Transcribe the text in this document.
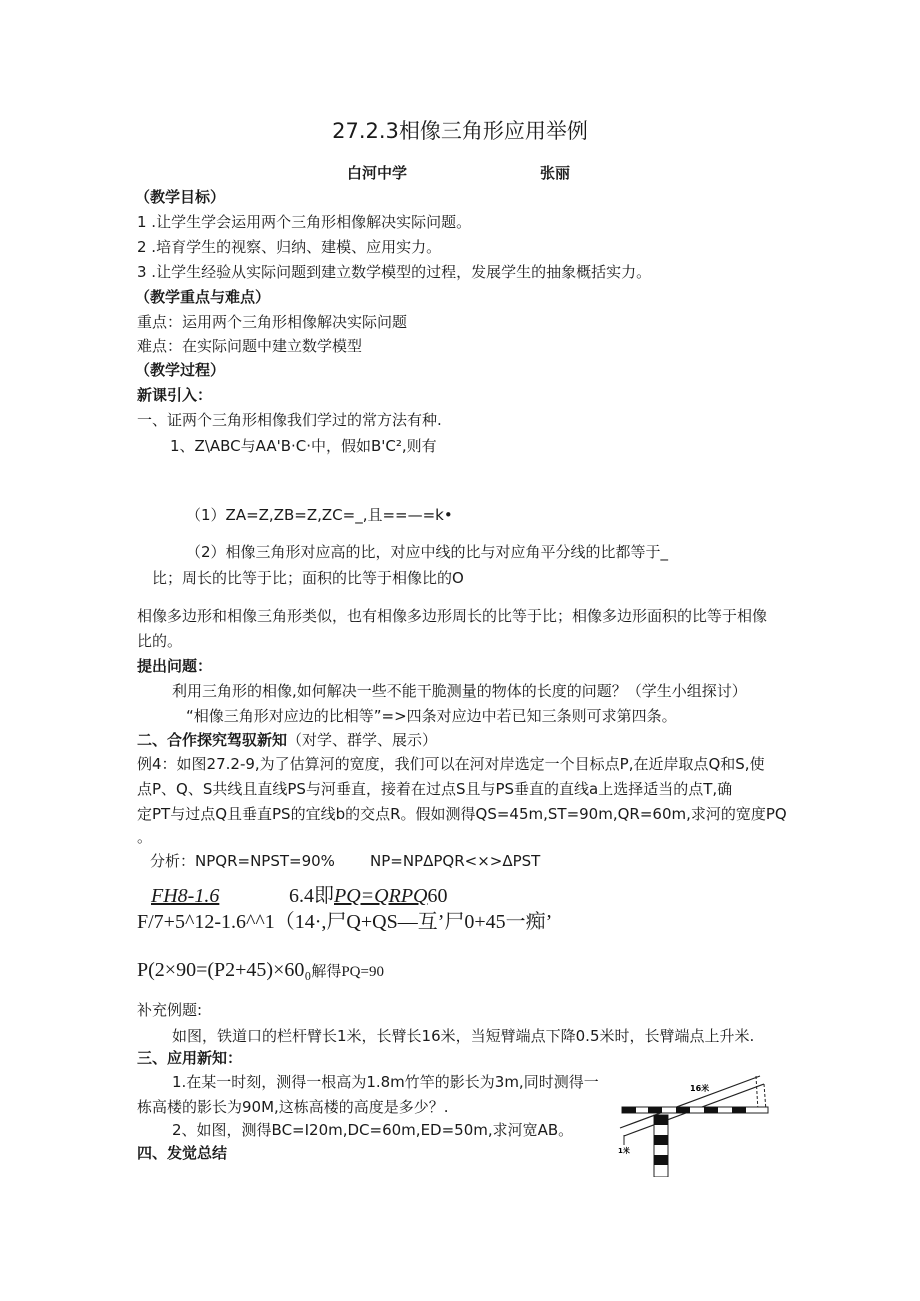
27.2.3相像三角形应用举例
白河中学	张丽
（教学目标）
1 .让学生学会运用两个三角形相像解决实际问题。
2 .培育学生的视察、归纳、建模、应用实力。
3 .让学生经验从实际问题到建立数学模型的过程，发展学生的抽象概括实力。
（教学重点与难点）
重点：运用两个三角形相像解决实际问题
难点：在实际问题中建立数学模型
（教学过程）
新课引入：
一、证两个三角形相像我们学过的常方法有种.
1、Z\ABC与AA'B·C·中，假如B'C²,则有
（1）ZA=Z,ZB=Z,ZC=_,且==—=k•
（2）相像三角形对应高的比，对应中线的比与对应角平分线的比都等于_
比；周长的比等于比；面积的比等于相像比的O
相像多边形和相像三角形类似，也有相像多边形周长的比等于比；相像多边形面积的比等于相像
比的。
提出问题：
利用三角形的相像,如何解决一些不能干脆测量的物体的长度的问题？（学生小组探讨）
“相像三角形对应边的比相等”=>四条对应边中若已知三条则可求第四条。
二、合作探究驾驭新知（对学、群学、展示）
例4：如图27.2-9,为了估算河的宽度，我们可以在河对岸选定一个目标点P,在近岸取点Q和S,使
点P、Q、S共线且直线PS与河垂直，接着在过点S且与PS垂直的直线a上选择适当的点T,确
定PT与过点Q且垂直PS的宜线b的交点R。假如测得QS=45m,ST=90m,QR=60m,求河的宽度PQ
。
分析：NPQR=NPST=90% NP=NPΔPQR<×>ΔPST
FH8-1.6	6.4即PQ=QRPQ60
F/7+5^12-1.6^^1（14·,尸Q+QS—互’尸0+45一痴’
P(2×90=(P2+45)×60₀解得PQ=90
补充例题:
如图，铁道口的栏杆臂长1米，长臂长16米，当短臂端点下降0.5米时，长臂端点上升米.
三、应用新知：
1.在某一时刻，测得一根高为1.8m竹竿的影长为3m,同时测得一
栋高楼的影长为90M,这栋高楼的高度是多少？.
2、如图，测得BC=I20m,DC=60m,ED=50m,求河宽AB。
四、发觉总结
16米
1米
